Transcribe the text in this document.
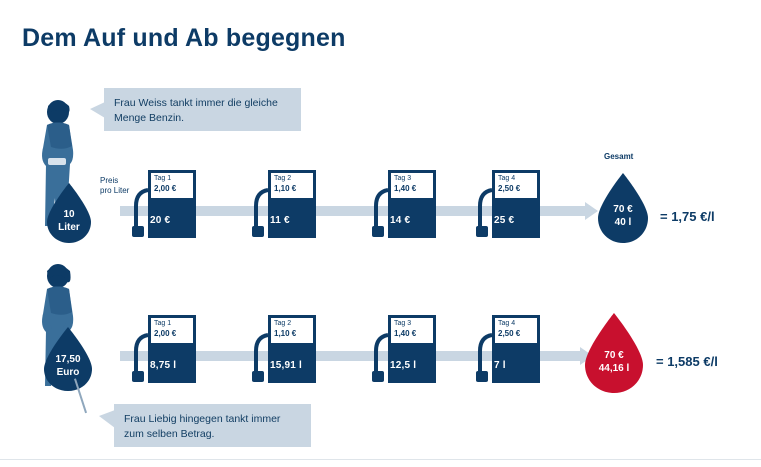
Dem Auf und Ab begegnen
Frau Weiss tankt immer die gleiche Menge Benzin.
10
Liter
Preis
pro Liter
Gesamt
Tag 1
2,00 €
20 €
Tag 2
1,10 €
11 €
Tag 3
1,40 €
14 €
Tag 4
2,50 €
25 €
70 €
40 l	= 1,75 €/l
17,50
Euro
Tag 1
2,00 €
8,75 l
Tag 2
1,10 €
15,91 l
Tag 3
1,40 €
12,5 l
Tag 4
2,50 €
7 l
70 €
44,16 l	= 1,585 €/l
Frau Liebig hingegen tankt immer zum selben Betrag.
